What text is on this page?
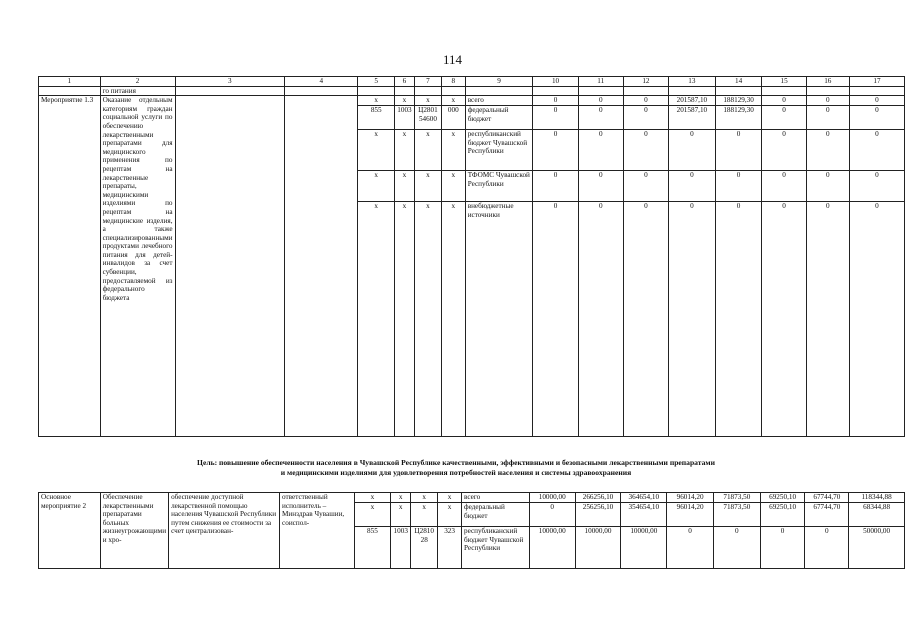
114
1	2	3	4	5	6	7	8	9	10	11	12	13	14	15	16	17
	го питания															
Мероприятие 1.3	Оказание отдельным категориям граждан социальной услуги по обеспечению лекарственными препаратами для медицинского применения по рецептам на лекарственные препараты, медицинскими изделиями по рецептам на медицинские изделия, а также специализированными продуктами лечебного питания для детей-инвалидов за счет субвенции, предоставляемой из федерального бюджета			x	x	x	x	всего	0	0	0	201587,10	188129,30	0	0	0
				855	1003	Ц2801 54600	000	федеральный бюджет	0	0	0	201587,10	188129,30	0	0	0
				x	x	x	x	республиканский бюджет Чувашской Республики	0	0	0	0	0	0	0	0
				x	x	x	x	ТФОМС Чувашской Республики	0	0	0	0	0	0	0	0
				x	x	x	x	внебюджетные источники	0	0	0	0	0	0	0	0
Цель: повышение обеспеченности населения в Чувашской Республике качественными, эффективными и безопасными лекарственными препаратами
и медицинскими изделиями для удовлетворения потребностей населения и системы здравоохранения
Основное мероприятие 2	Обеспечение лекарственными препаратами больных жизнеугрожающими и хро-	обеспечение доступной лекарственной помощью населения Чувашской Республики путем снижения ее стоимости за счет централизован-	ответственный исполнитель – Минздрав Чувашии, соиспол-	x	x	x	x	всего	10000,00	266256,10	364654,10	96014,20	71873,50	69250,10	67744,70	118344,88
				x	x	x	x	федеральный бюджет	0	256256,10	354654,10	96014,20	71873,50	69250,10	67744,70	68344,88
				855	1003	Ц2810 28	323	республиканский бюджет Чувашской Республики	10000,00	10000,00	10000,00	0	0	0	0	50000,00
